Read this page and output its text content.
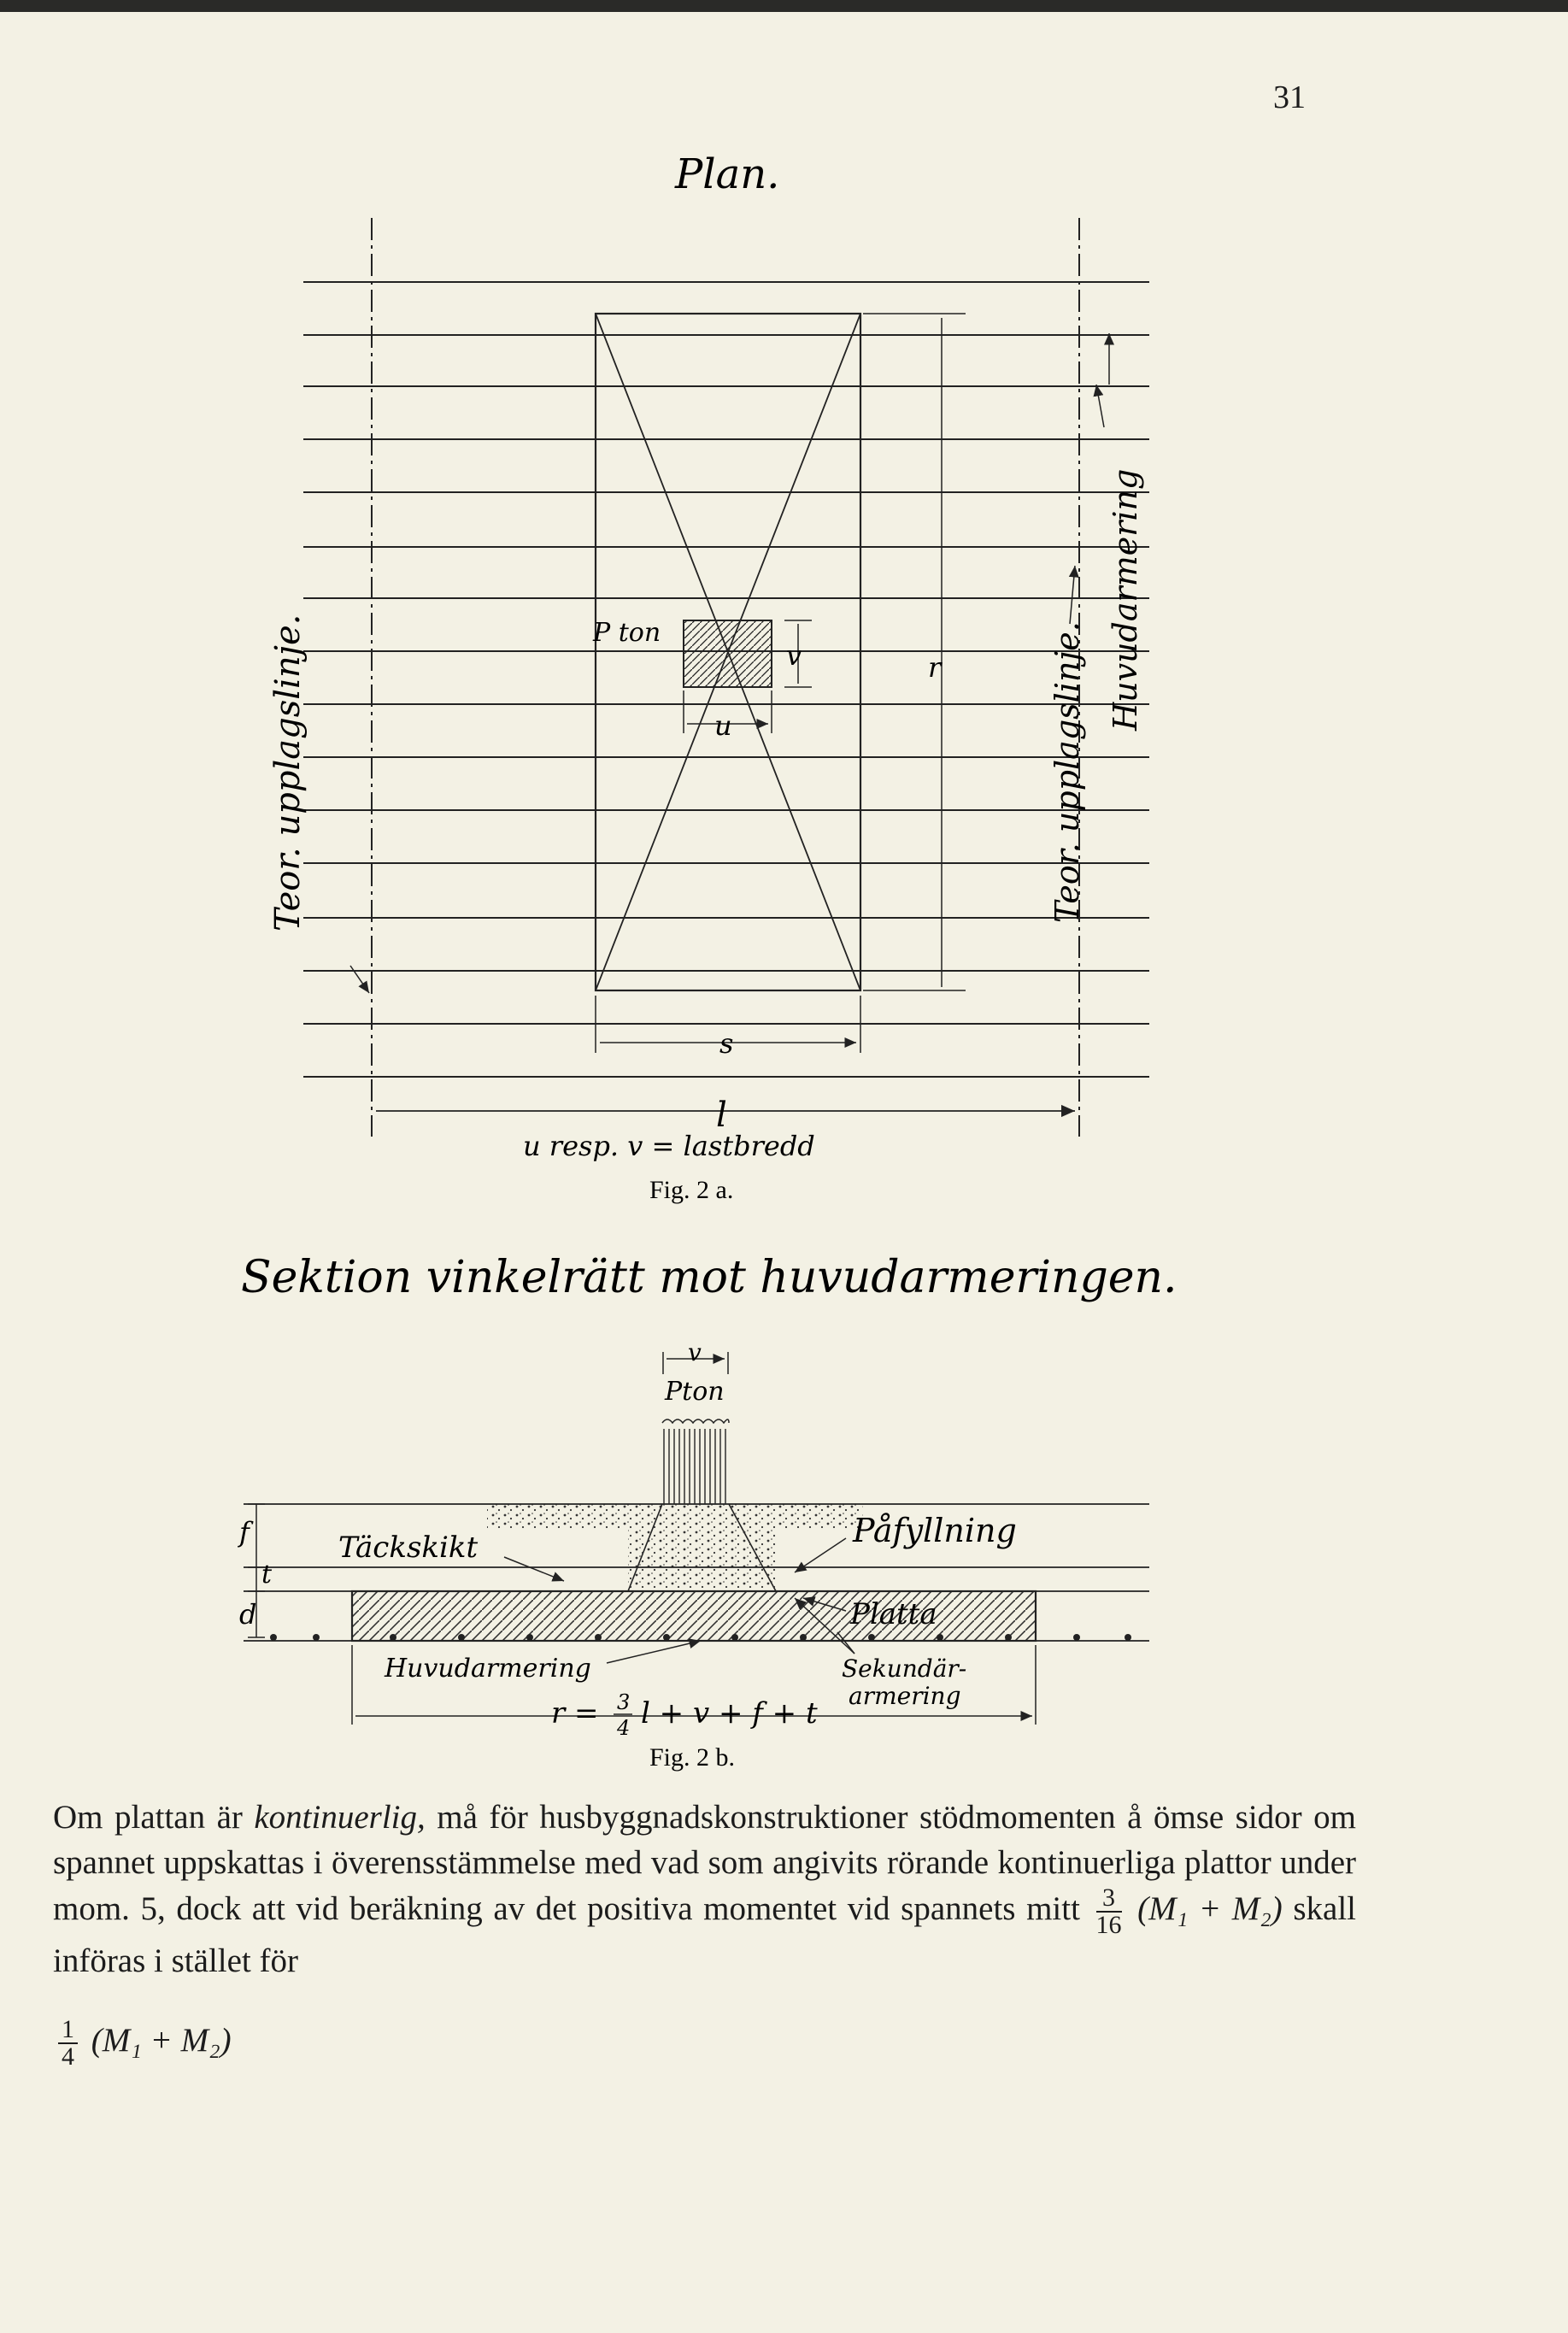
31
Plan.
Teor. upplagslinje.	Teor. upplagslinje.
Huvudarmering
P ton
v
u
r
s
l
u resp. v = lastbredd
Fig. 2 a.
Sektion vinkelrätt mot huvudarmeringen.
v
Pton
Täckskikt	Påfyllning
Platta
Huvudarmering	Sekundär-
armering
f
t
d
r = 3
4 l + v + f + t
Fig. 2 b.
Om plattan är kontinuerlig, må för husbyggnadskonstruktioner stödmomenten å ömse sidor om spannet uppskattas i överensstämmelse med vad som angivits rörande kontinuerliga plattor under mom. 5, dock att vid beräkning av det positiva momentet vid spannets mitt $\frac{3}{16} (M_1 + M_2)$ skall införas i stället för
$\frac{1}{4} (M_1 + M_2)$
